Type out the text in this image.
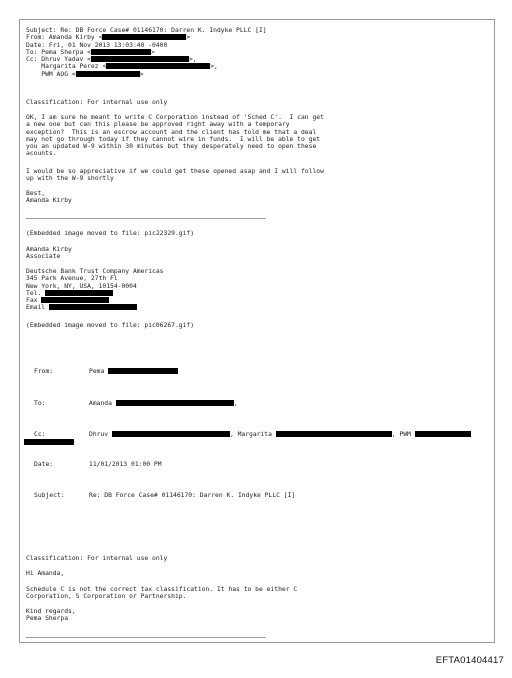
Subject: Re: DB Force Case# 01146170: Darren K. Indyke PLLC [I]
From: Amanda Kirby <	>
Date: Fri, 01 Nov 2013 13:03:40 -0400
To: Pema Sherpa <	>
Cc: Dhruv Yadav <	>,
Margarita Perez <	>,
PWM AOG <	>
Classification: For internal use only
OK, I am sure he meant to write C Corporation instead of 'Sched C'.  I can get
a new one but can this please be approved right away with a temporary
exception?  This is an escrow account and the client has told me that a deal
may not go through today if they cannot wire in funds.  I will be able to get
you an updated W-9 within 30 minutes but they desperately need to open these
acounts.
I would be so appreciative if we could get these opened asap and I will follow
up with the W-9 shortly
Best,
Amanda Kirby
(Embedded image moved to file: pic22329.gif)
Amanda Kirby
Associate
Deutsche Bank Trust Company Americas
345 Park Avenue, 27th Fl
New York, NY, USA, 10154-0004
Tel.
Fax
Email
(Embedded image moved to file: pic06267.gif)
From:	Pema
To:	Amanda	,
Cc:	Dhruv	, Margarita	, PWM
Date:	11/01/2013 01:00 PM
Subject:	Re: DB Force Case# 01146170: Darren K. Indyke PLLC [I]
Classification: For internal use only
Hi Amanda,
Schedule C is not the correct tax classification. It has to be either C
Corporation, S Corporation or Partnership.
Kind regards,
Pema Sherpa
EFTA01404417
